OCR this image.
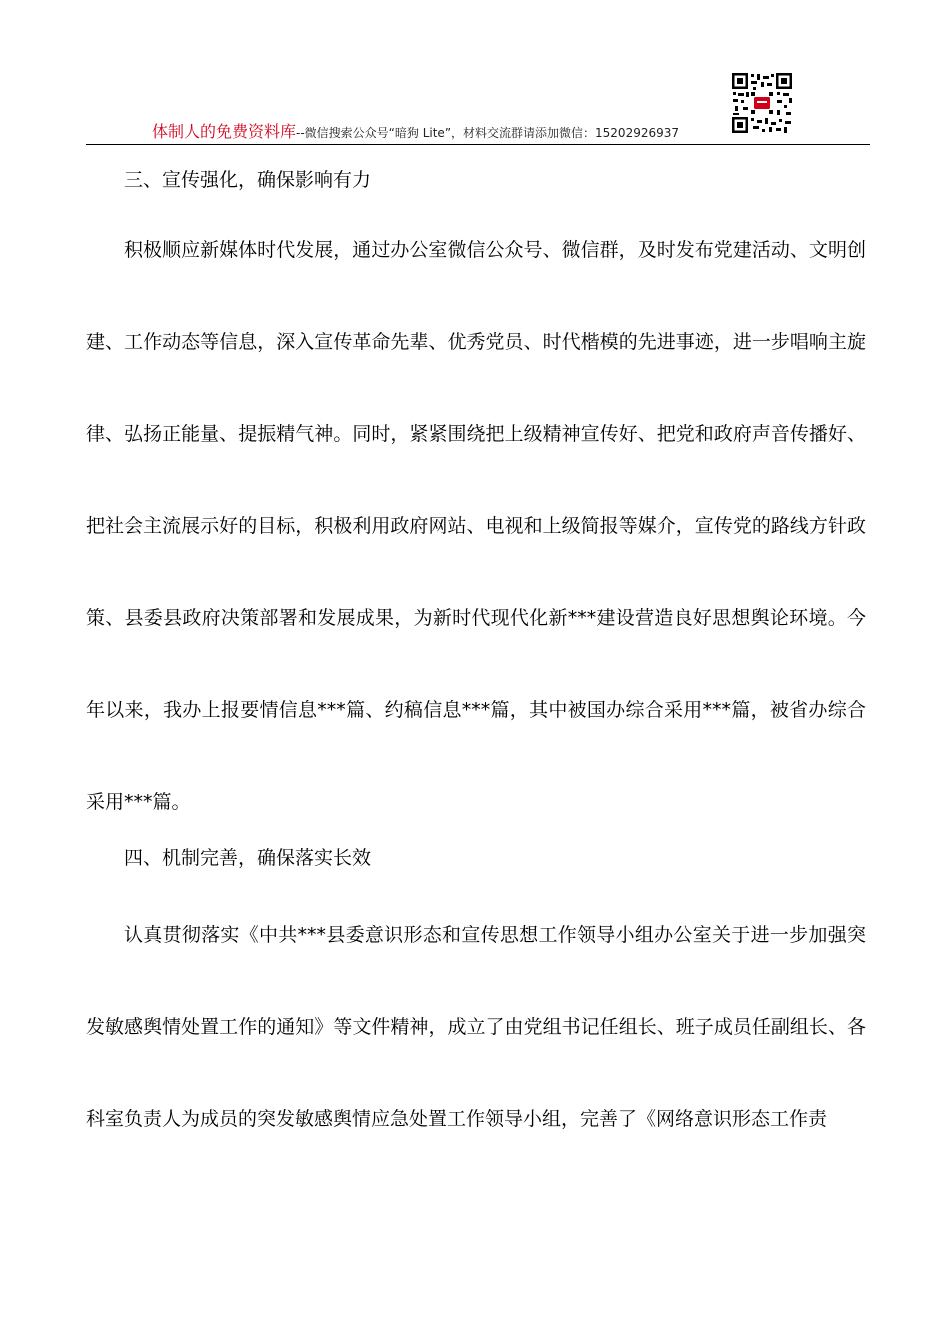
体制人的免费资料库--微信搜索公众号“暗狗 Lite”，材料交流群请添加微信：15202926937

三、宣传强化，确保影响有力

积极顺应新媒体时代发展，通过办公室微信公众号、微信群，及时发布党建活动、文明创建、工作动态等信息，深入宣传革命先辈、优秀党员、时代楷模的先进事迹，进一步唱响主旋律、弘扬正能量、提振精气神。同时，紧紧围绕把上级精神宣传好、把党和政府声音传播好、把社会主流展示好的目标，积极利用政府网站、电视和上级简报等媒介，宣传党的路线方针政策、县委县政府决策部署和发展成果，为新时代现代化新***建设营造良好思想舆论环境。今年以来，我办上报要情信息***篇、约稿信息***篇，其中被国办综合采用***篇，被省办综合采用***篇。

四、机制完善，确保落实长效

认真贯彻落实《中共***县委意识形态和宣传思想工作领导小组办公室关于进一步加强突发敏感舆情处置工作的通知》等文件精神，成立了由党组书记任组长、班子成员任副组长、各科室负责人为成员的突发敏感舆情应急处置工作领导小组，完善了《网络意识形态工作责
